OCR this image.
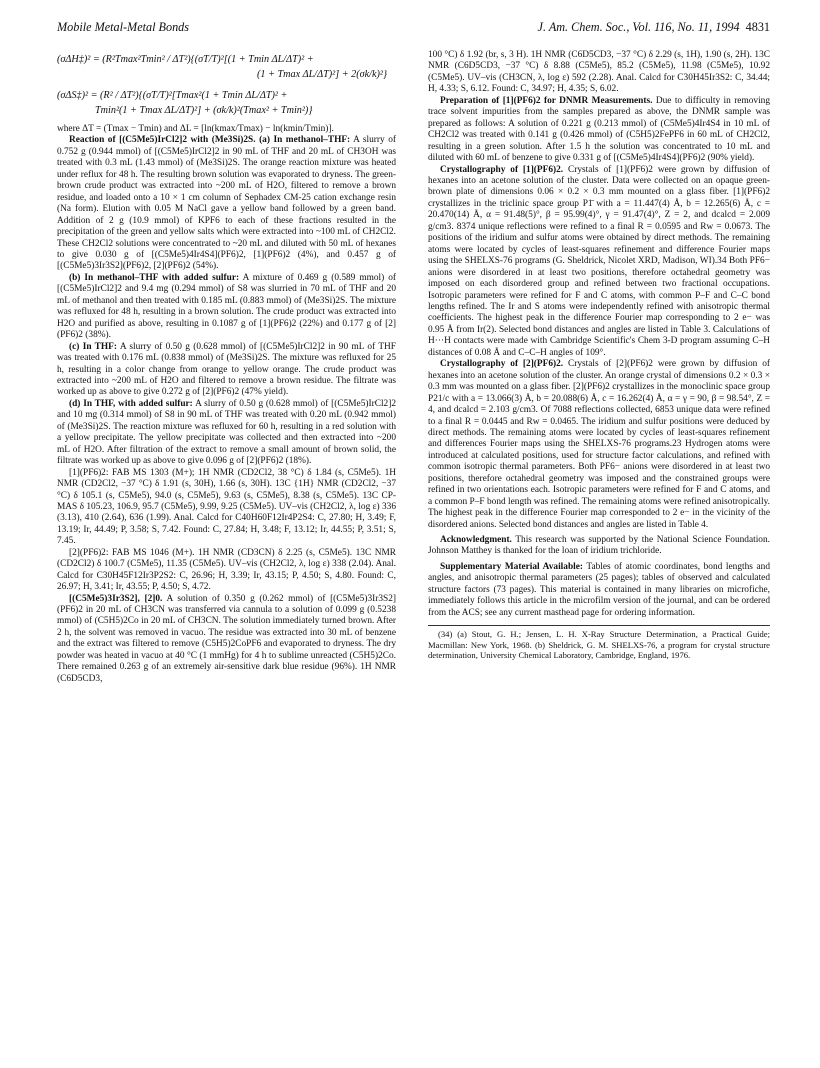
Mobile Metal-Metal Bonds	J. Am. Chem. Soc., Vol. 116, No. 11, 1994 4831
(σΔH‡)² = (R²Tmax²Tmin² / ΔT²){(σT/T)²[(1 + Tmin ΔL/ΔT)² +
(1 + Tmax ΔL/ΔT)²] + 2(σk/k)²}
(σΔS‡)² = (R² / ΔT²){(σT/T)²[Tmax²(1 + Tmin ΔL/ΔT)² +
Tmin²(1 + Tmax ΔL/ΔT)²] + (σk/k)²(Tmax² + Tmin²)}

where ΔT = (Tmax − Tmin) and ΔL = [ln(kmax/Tmax) − ln(kmin/Tmin)].

Reaction of [(C5Me5)IrCl2]2 with (Me3Si)2S. (a) In methanol–THF: A slurry of 0.752 g (0.944 mmol) of [(C5Me5)IrCl2]2 in 90 mL of THF and 20 mL of CH3OH was treated with 0.3 mL (1.43 mmol) of (Me3Si)2S. The orange reaction mixture was heated under reflux for 48 h. The resulting brown solution was evaporated to dryness. The green-brown crude product was extracted into ~200 mL of H2O, filtered to remove a brown residue, and loaded onto a 10 × 1 cm column of Sephadex CM-25 cation exchange resin (Na form). Elution with 0.05 M NaCl gave a yellow band followed by a green band. Addition of 2 g (10.9 mmol) of KPF6 to each of these fractions resulted in the precipitation of the green and yellow salts which were extracted into ~100 mL of CH2Cl2. These CH2Cl2 solutions were concentrated to ~20 mL and diluted with 50 mL of hexanes to give 0.030 g of [(C5Me5)4Ir4S4](PF6)2, [1](PF6)2 (4%), and 0.457 g of [(C5Me5)3Ir3S2](PF6)2, [2](PF6)2 (54%).

(b) In methanol–THF with added sulfur: A mixture of 0.469 g (0.589 mmol) of [(C5Me5)IrCl2]2 and 9.4 mg (0.294 mmol) of S8 was slurried in 70 mL of THF and 20 mL of methanol and then treated with 0.185 mL (0.883 mmol) of (Me3Si)2S. The mixture was refluxed for 48 h, resulting in a brown solution. The crude product was extracted into H2O and purified as above, resulting in 0.1087 g of [1](PF6)2 (22%) and 0.177 g of [2](PF6)2 (38%).

(c) In THF: A slurry of 0.50 g (0.628 mmol) of [(C5Me5)IrCl2]2 in 90 mL of THF was treated with 0.176 mL (0.838 mmol) of (Me3Si)2S. The mixture was refluxed for 25 h, resulting in a color change from orange to yellow orange. The crude product was extracted into ~200 mL of H2O and filtered to remove a brown residue. The filtrate was worked up as above to give 0.272 g of [2](PF6)2 (47% yield).

(d) In THF, with added sulfur: A slurry of 0.50 g (0.628 mmol) of [(C5Me5)IrCl2]2 and 10 mg (0.314 mmol) of S8 in 90 mL of THF was treated with 0.20 mL (0.942 mmol) of (Me3Si)2S. The reaction mixture was refluxed for 60 h, resulting in a red solution with a yellow precipitate. The yellow precipitate was collected and then extracted into ~200 mL of H2O. After filtration of the extract to remove a small amount of brown solid, the filtrate was worked up as above to give 0.096 g of [2](PF6)2 (18%).

[1](PF6)2: FAB MS 1303 (M+); 1H NMR (CD2Cl2, 38 °C) δ 1.84 (s, C5Me5). 1H NMR (CD2Cl2, −37 °C) δ 1.91 (s, 30H), 1.66 (s, 30H). 13C {1H} NMR (CD2Cl2, −37 °C) δ 105.1 (s, C5Me5), 94.0 (s, C5Me5), 9.63 (s, C5Me5), 8.38 (s, C5Me5). 13C CP-MAS δ 105.23, 106.9, 95.7 (C5Me5), 9.99, 9.25 (C5Me5). UV–vis (CH2Cl2, λ, log ε) 336 (3.13), 410 (2.64), 636 (1.99). Anal. Calcd for C40H60F12Ir4P2S4: C, 27.80; H, 3.49; F, 13.19; Ir, 44.49; P, 3.58; S, 7.42. Found: C, 27.84; H, 3.48; F, 13.12; Ir, 44.55; P, 3.51; S, 7.45.

[2](PF6)2: FAB MS 1046 (M+). 1H NMR (CD3CN) δ 2.25 (s, C5Me5). 13C NMR (CD2Cl2) δ 100.7 (C5Me5), 11.35 (C5Me5). UV–vis (CH2Cl2, λ, log ε) 338 (2.04). Anal. Calcd for C30H45F12Ir3P2S2: C, 26.96; H, 3.39; Ir, 43.15; P, 4.50; S, 4.80. Found: C, 26.97; H, 3.41; Ir, 43.55; P, 4.50; S, 4.72.

[(C5Me5)3Ir3S2], [2]0. A solution of 0.350 g (0.262 mmol) of [(C5Me5)3Ir3S2](PF6)2 in 20 mL of CH3CN was transferred via cannula to a solution of 0.099 g (0.5238 mmol) of (C5H5)2Co in 20 mL of CH3CN. The solution immediately turned brown. After 2 h, the solvent was removed in vacuo. The residue was extracted into 30 mL of benzene and the extract was filtered to remove (C5H5)2CoPF6 and evaporated to dryness. The dry powder was heated in vacuo at 40 °C (1 mmHg) for 4 h to sublime unreacted (C5H5)2Co. There remained 0.263 g of an extremely air-sensitive dark blue residue (96%). 1H NMR (C6D5CD3,

100 °C) δ 1.92 (br, s, 3 H). 1H NMR (C6D5CD3, −37 °C) δ 2.29 (s, 1H), 1.90 (s, 2H). 13C NMR (C6D5CD3, −37 °C) δ 8.88 (C5Me5), 85.2 (C5Me5), 11.98 (C5Me5), 10.92 (C5Me5). UV–vis (CH3CN, λ, log ε) 592 (2.28). Anal. Calcd for C30H45Ir3S2: C, 34.44; H, 4.33; S, 6.12. Found: C, 34.97; H, 4.35; S, 6.02.

Preparation of [1](PF6)2 for DNMR Measurements. Due to difficulty in removing trace solvent impurities from the samples prepared as above, the DNMR sample was prepared as follows: A solution of 0.221 g (0.213 mmol) of (C5Me5)4Ir4S4 in 10 mL of CH2Cl2 was treated with 0.141 g (0.426 mmol) of (C5H5)2FePF6 in 60 mL of CH2Cl2, resulting in a green solution. After 1.5 h the solution was concentrated to 10 mL and diluted with 60 mL of benzene to give 0.331 g of [(C5Me5)4Ir4S4](PF6)2 (90% yield).

Crystallography of [1](PF6)2. Crystals of [1](PF6)2 were grown by diffusion of hexanes into an acetone solution of the cluster. Data were collected on an opaque green-brown plate of dimensions 0.06 × 0.2 × 0.3 mm mounted on a glass fiber. [1](PF6)2 crystallizes in the triclinic space group P1̄ with a = 11.447(4) Å, b = 12.265(6) Å, c = 20.470(14) Å, α = 91.48(5)°, β = 95.99(4)°, γ = 91.47(4)°, Z = 2, and dcalcd = 2.009 g/cm3. 8374 unique reflections were refined to a final R = 0.0595 and Rw = 0.0673. The positions of the iridium and sulfur atoms were obtained by direct methods. The remaining atoms were located by cycles of least-squares refinement and difference Fourier maps using the SHELXS-76 programs (G. Sheldrick, Nicolet XRD, Madison, WI).34 Both PF6− anions were disordered in at least two positions, therefore octahedral geometry was imposed on each disordered group and refined between two fractional occupations. Isotropic parameters were refined for F and C atoms, with common P–F and C–C bond lengths refined. The Ir and S atoms were independently refined with anisotropic thermal coefficients. The highest peak in the difference Fourier map corresponding to 2 e− was 0.95 Å from Ir(2). Selected bond distances and angles are listed in Table 3. Calculations of H···H contacts were made with Cambridge Scientific's Chem 3-D program assuming C–H distances of 0.08 Å and C–C–H angles of 109°.

Crystallography of [2](PF6)2. Crystals of [2](PF6)2 were grown by diffusion of hexanes into an acetone solution of the cluster. An orange crystal of dimensions 0.2 × 0.3 × 0.3 mm was mounted on a glass fiber. [2](PF6)2 crystallizes in the monoclinic space group P21/c with a = 13.066(3) Å, b = 20.088(6) Å, c = 16.262(4) Å, α = γ = 90, β = 98.54°, Z = 4, and dcalcd = 2.103 g/cm3. Of 7088 reflections collected, 6853 unique data were refined to a final R = 0.0445 and Rw = 0.0465. The iridium and sulfur positions were deduced by direct methods. The remaining atoms were located by cycles of least-squares refinement and differences Fourier maps using the SHELXS-76 programs.23 Hydrogen atoms were introduced at calculated positions, used for structure factor calculations, and refined with common isotropic thermal parameters. Both PF6− anions were disordered in at least two positions, therefore octahedral geometry was imposed and the constrained groups were refined in two orientations each. Isotropic parameters were refined for F and C atoms, and a common P–F bond length was refined. The remaining atoms were refined anisotropically. The highest peak in the difference Fourier map corresponded to 2 e− in the vicinity of the disordered anions. Selected bond distances and angles are listed in Table 4.

Acknowledgment. This research was supported by the National Science Foundation. Johnson Matthey is thanked for the loan of iridium trichloride.

Supplementary Material Available: Tables of atomic coordinates, bond lengths and angles, and anisotropic thermal parameters (25 pages); tables of observed and calculated structure factors (73 pages). This material is contained in many libraries on microfiche, immediately follows this article in the microfilm version of the journal, and can be ordered from the ACS; see any current masthead page for ordering information.

(34) (a) Stout, G. H.; Jensen, L. H. X-Ray Structure Determination, a Practical Guide; Macmillan: New York, 1968. (b) Sheldrick, G. M. SHELXS-76, a program for crystal structure determination, University Chemical Laboratory, Cambridge, England, 1976.
